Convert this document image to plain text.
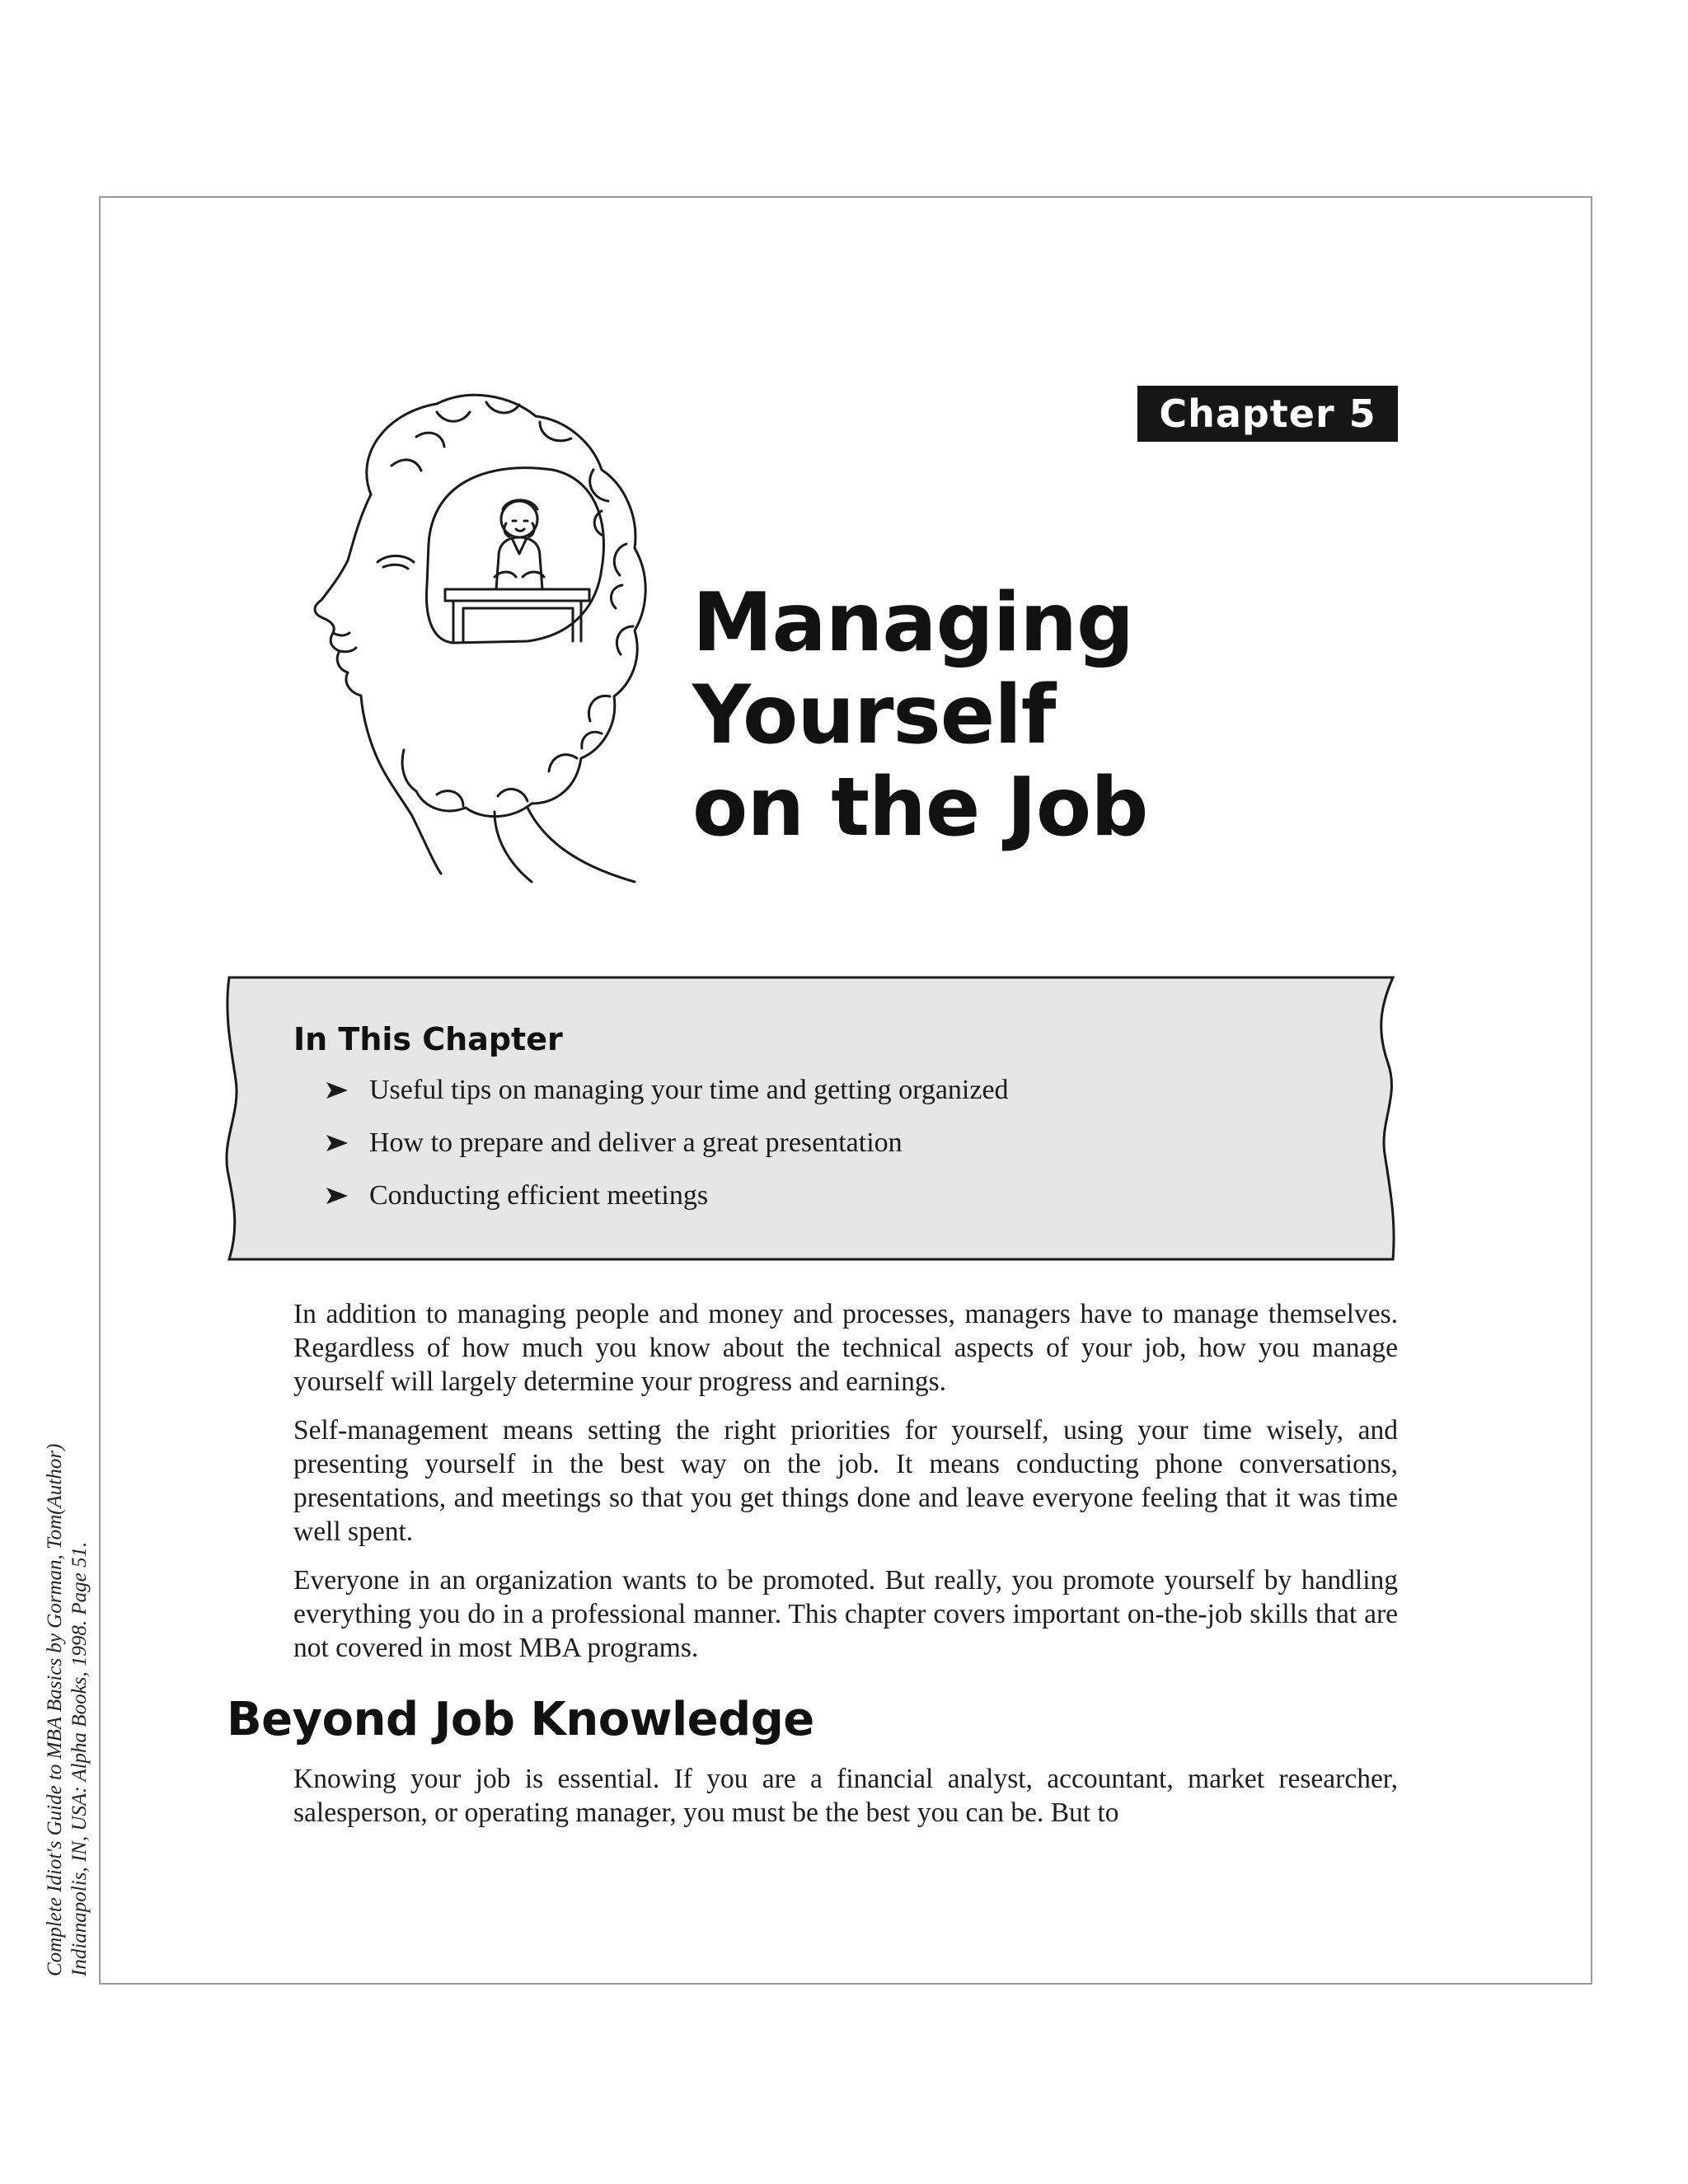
Chapter 5
Managing Yourself
on the Job
In This Chapter
Useful tips on managing your time and getting organized
How to prepare and deliver a great presentation
Conducting efficient meetings

In addition to managing people and money and processes, managers have to manage themselves. Regardless of how much you know about the technical aspects of your job, how you manage yourself will largely determine your progress and earnings.

Self-management means setting the right priorities for yourself, using your time wisely, and presenting yourself in the best way on the job. It means conducting phone conversations, presentations, and meetings so that you get things done and leave everyone feeling that it was time well spent.

Everyone in an organization wants to be promoted. But really, you promote yourself by handling everything you do in a professional manner. This chapter covers important on-the-job skills that are not covered in most MBA programs.

Beyond Job Knowledge

Knowing your job is essential. If you are a financial analyst, accountant, market researcher, salesperson, or operating manager, you must be the best you can be. But to

Complete Idiot's Guide to MBA Basics by Gorman, Tom(Author) Indianapolis, IN, USA: Alpha Books, 1998. Page 51.
